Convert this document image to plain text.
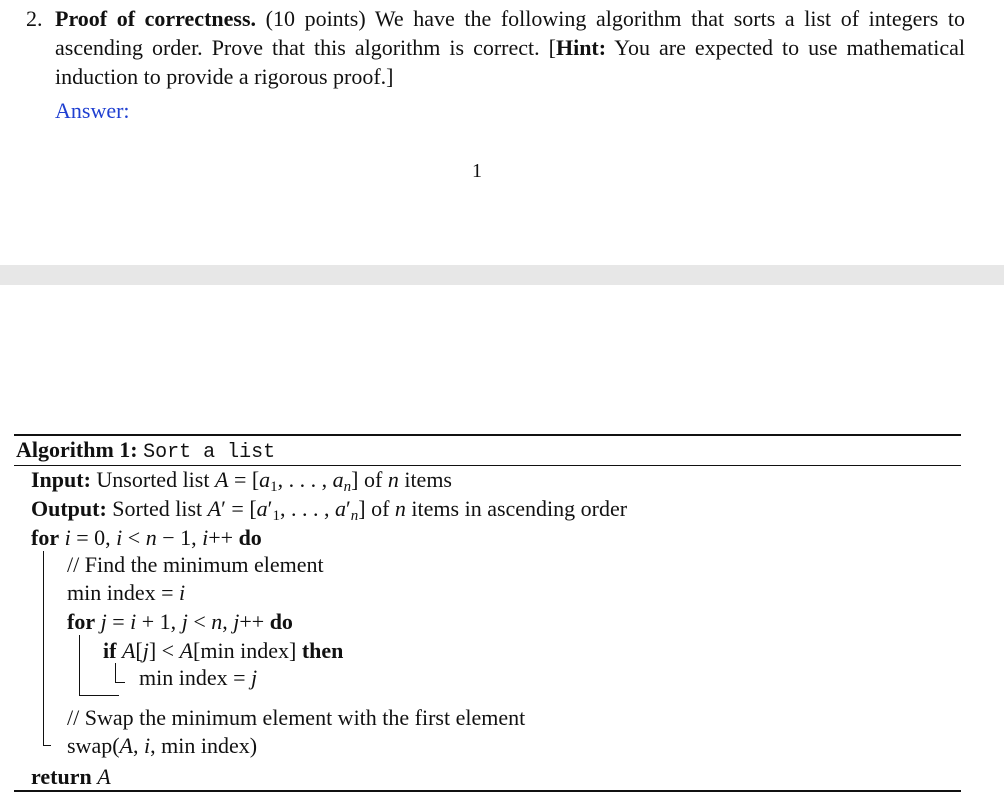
2. Proof of correctness. (10 points) We have the following algorithm that sorts a list of integers to ascending order. Prove that this algorithm is correct. [Hint: You are expected to use mathematical induction to provide a rigorous proof.]
Answer:
1
Algorithm 1: Sort a list
Input: Unsorted list $A = [a_1$, . . . , $a_n$] of n items
Output: Sorted list $A' = [a'_1$, . . . , $a'_n$] of n items in ascending order
for i = 0, i < n − 1, i++ do
// Find the minimum element
min index = i
for j = i + 1, j < n, j++ do
if A[j] < A[min index] then
min index = j
// Swap the minimum element with the first element
swap(A, i, min index)
return A
